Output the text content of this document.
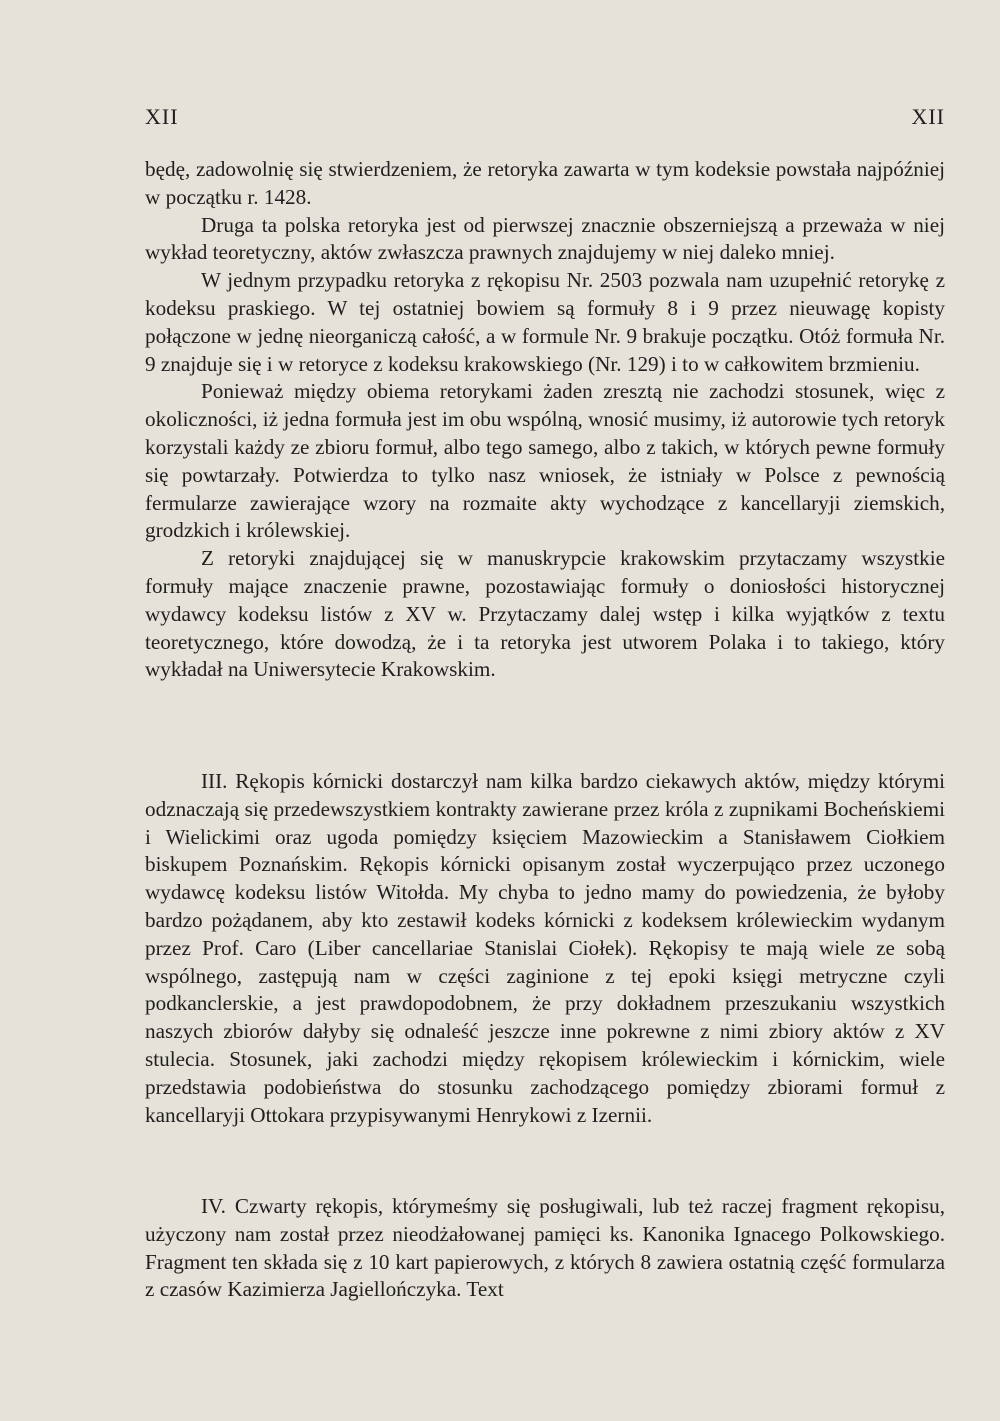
XII	XII

będę, zadowolnię się stwierdzeniem, że retoryka zawarta w tym kodeksie powstała najpóźniej w początku r. 1428.

Druga ta polska retoryka jest od pierwszej znacznie obszerniejszą a przeważa w niej wykład teoretyczny, aktów zwłaszcza prawnych znajdujemy w niej daleko mniej.

W jednym przypadku retoryka z rękopisu Nr. 2503 pozwala nam uzupełnić retorykę z kodeksu praskiego. W tej ostatniej bowiem są formuły 8 i 9 przez nieuwagę kopisty połączone w jednę nieorganiczą całość, a w formule Nr. 9 brakuje początku. Otóż formuła Nr. 9 znajduje się i w retoryce z kodeksu krakowskiego (Nr. 129) i to w całkowitem brzmieniu.

Ponieważ między obiema retorykami żaden zresztą nie zachodzi stosunek, więc z okoliczności, iż jedna formuła jest im obu wspólną, wnosić musimy, iż autorowie tych retoryk korzystali każdy ze zbioru formuł, albo tego samego, albo z takich, w których pewne formuły się powtarzały. Potwierdza to tylko nasz wniosek, że istniały w Polsce z pewnością fermularze zawierające wzory na rozmaite akty wychodzące z kancellaryji ziemskich, grodzkich i królewskiej.

Z retoryki znajdującej się w manuskrypcie krakowskim przytaczamy wszystkie formuły mające znaczenie prawne, pozostawiając formuły o doniosłości historycznej wydawcy kodeksu listów z XV w. Przytaczamy dalej wstęp i kilka wyjątków z textu teoretycznego, które dowodzą, że i ta retoryka jest utworem Polaka i to takiego, który wykładał na Uniwersytecie Krakowskim.

III. Rękopis kórnicki dostarczył nam kilka bardzo ciekawych aktów, między którymi odznaczają się przedewszystkiem kontrakty zawierane przez króla z zupnikami Bocheńskiemi i Wielickimi oraz ugoda pomiędzy księciem Mazowieckim a Stanisławem Ciołkiem biskupem Poznańskim. Rękopis kórnicki opisanym został wyczerpująco przez uczonego wydawcę kodeksu listów Witołda. My chyba to jedno mamy do powiedzenia, że byłoby bardzo pożądanem, aby kto zestawił kodeks kórnicki z kodeksem królewieckim wydanym przez Prof. Caro (Liber cancellariae Stanislai Ciołek). Rękopisy te mają wiele ze sobą wspólnego, zastępują nam w części zaginione z tej epoki księgi metryczne czyli podkanclerskie, a jest prawdopodobnem, że przy dokładnem przeszukaniu wszystkich naszych zbiorów dałyby się odnaleść jeszcze inne pokrewne z nimi zbiory aktów z XV stulecia. Stosunek, jaki zachodzi między rękopisem królewieckim i kórnickim, wiele przedstawia podobieństwa do stosunku zachodzącego pomiędzy zbiorami formuł z kancellaryji Ottokara przypisywanymi Henrykowi z Izernii.

IV. Czwarty rękopis, którymeśmy się posługiwali, lub też raczej fragment rękopisu, użyczony nam został przez nieodżałowanej pamięci ks. Kanonika Ignacego Polkowskiego. Fragment ten składa się z 10 kart papierowych, z których 8 zawiera ostatnią część formularza z czasów Kazimierza Jagiellończyka. Text
